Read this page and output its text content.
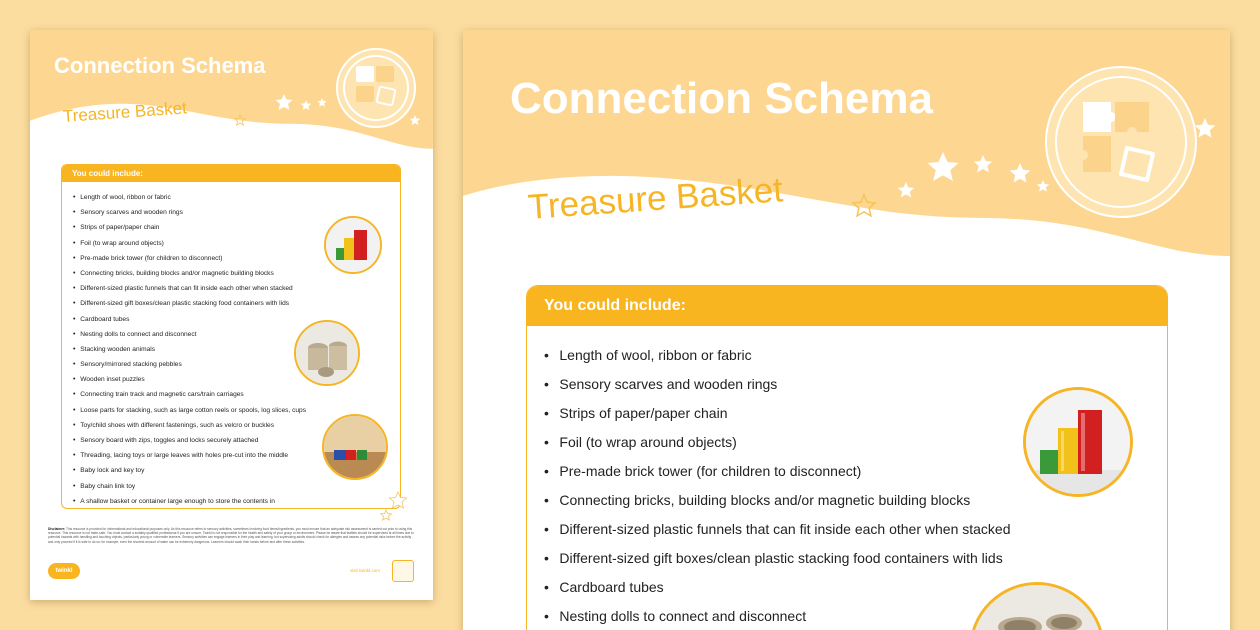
Connection Schema
Treasure Basket
You could include:
• Length of wool, ribbon or fabric
• Sensory scarves and wooden rings
• Strips of paper/paper chain
• Foil (to wrap around objects)
• Pre-made brick tower (for children to disconnect)
• Connecting bricks, building blocks and/or magnetic building blocks
• Different-sized plastic funnels that can fit inside each other when stacked
• Different-sized gift boxes/clean plastic stacking food containers with lids
• Cardboard tubes
• Nesting dolls to connect and disconnect
• Stacking wooden animals
• Sensory/mirrored stacking pebbles
• Wooden inset puzzles
• Connecting train track and magnetic cars/train carriages
• Loose parts for stacking, such as large cotton reels or spools, log slices, cups
• Toy/child shoes with different fastenings, such as velcro or buckles
• Sensory board with zips, toggles and locks securely attached
• Threading, lacing toys or large leaves with holes pre-cut into the middle
• Baby lock and key toy
• Baby chain link toy
• A shallow basket or container large enough to store the contents in
Disclaimer: This resource is provided for informational and educational purposes only. As this resource refers to sensory activities, sometimes involving food items/ingredients, you must ensure that an adequate risk assessment is carried out prior to using this resource. This resource is not trade-safe. You must contact a suitably qualified professional if you are unsure. Twinkl is not responsible for the health and safety of your group or environment. Please be aware that leaflets should be supervised at all times due to potential hazards with handling and touching objects, particularly young or vulnerable learners. Sensory activities can engage learners in their play and learning, but supervising adults should check for allergies and assess any potential risks before the activity and only proceed if it is safe to do so; for example, even the shortest amount of water can be extremely dangerous. Learners should wash their hands before and after these activities.
twinkl	visit twinkl.com
Connection Schema
Treasure Basket
You could include:
• Length of wool, ribbon or fabric
• Sensory scarves and wooden rings
• Strips of paper/paper chain
• Foil (to wrap around objects)
• Pre-made brick tower (for children to disconnect)
• Connecting bricks, building blocks and/or magnetic building blocks
• Different-sized plastic funnels that can fit inside each other when stacked
• Different-sized gift boxes/clean plastic stacking food containers with lids
• Cardboard tubes
• Nesting dolls to connect and disconnect
